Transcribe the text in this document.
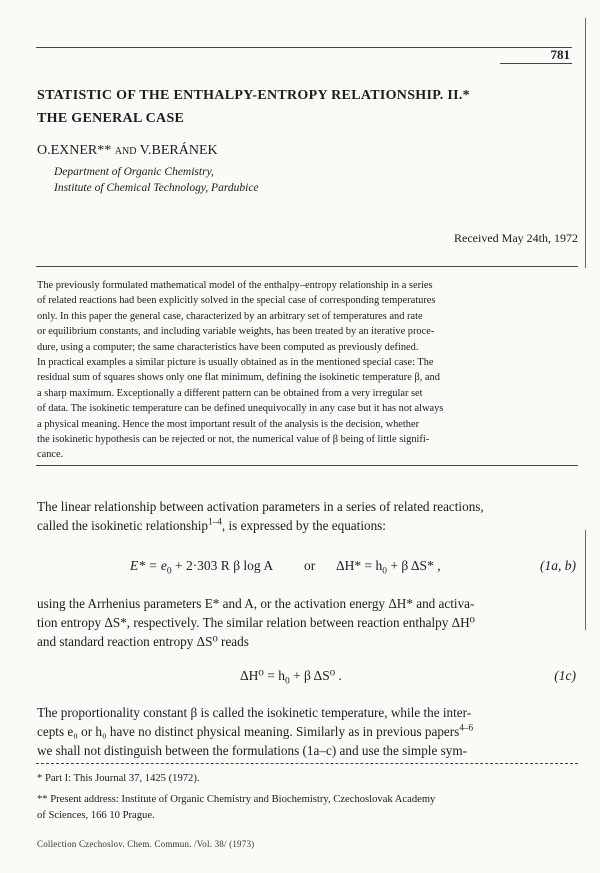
781
STATISTIC OF THE ENTHALPY-ENTROPY RELATIONSHIP. II.*
THE GENERAL CASE
O.EXNER** and V.BERÁNEK
Department of Organic Chemistry,
Institute of Chemical Technology, Pardubice
Received May 24th, 1972
The previously formulated mathematical model of the enthalpy–entropy relationship in a series
of related reactions had been explicitly solved in the special case of corresponding temperatures
only. In this paper the general case, characterized by an arbitrary set of temperatures and rate
or equilibrium constants, and including variable weights, has been treated by an iterative proce-
dure, using a computer; the same characteristics have been computed as previously defined.
In practical examples a similar picture is usually obtained as in the mentioned special case: The
residual sum of squares shows only one flat minimum, defining the isokinetic temperature β, and
a sharp maximum. Exceptionally a different pattern can be obtained from a very irregular set
of data. The isokinetic temperature can be defined unequivocally in any case but it has not always
a physical meaning. Hence the most important result of the analysis is the decision, whether
the isokinetic hypothesis can be rejected or not, the numerical value of β being of little signifi-
cance.
The linear relationship between activation parameters in a series of related reactions,
called the isokinetic relationship$^{1-4}$, is expressed by the equations:
$E* = e_0 + 2\cdot 303$ R β log A or $\Delta H* = h_0 + \beta$ ΔS* ,	(1a, b)
using the Arrhenius parameters E* and A, or the activation energy ΔH* and activa-
tion entropy ΔS*, respectively. The similar relation between reaction enthalpy ΔH⁰
and standard reaction entropy ΔS⁰ reads
$\Delta H^0 = h_0 + \beta$ ΔS⁰ .	(1c)
The proportionality constant β is called the isokinetic temperature, while the inter-
cepts e₀ or h₀ have no distinct physical meaning. Similarly as in previous papers$^{4-6}$
we shall not distinguish between the formulations (1a–c) and use the simple sym-
* Part I: This Journal 37, 1425 (1972).
** Present address: Institute of Organic Chemistry and Biochemistry, Czechoslovak Academy
of Sciences, 166 10 Prague.
Collection Czechoslov. Chem. Commun. /Vol. 38/ (1973)
